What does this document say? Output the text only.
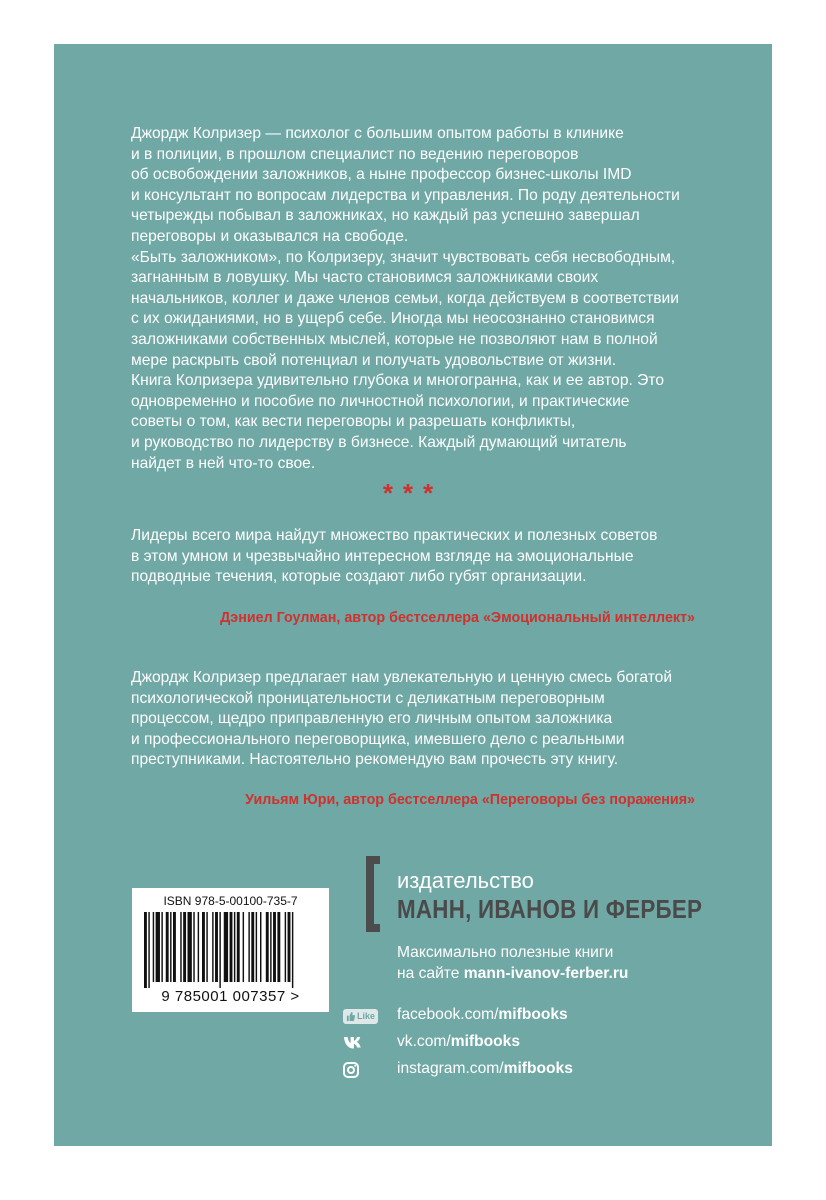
Джордж Колризер — психолог с большим опытом работы в клинике

и в полиции, в прошлом специалист по ведению переговоров

об освобождении заложников, а ныне профессор бизнес-школы IMD

и консультант по вопросам лидерства и управления. По роду деятельности

четырежды побывал в заложниках, но каждый раз успешно завершал

переговоры и оказывался на свободе.

«Быть заложником», по Колризеру, значит чувствовать себя несвободным,

загнанным в ловушку. Мы часто становимся заложниками своих

начальников, коллег и даже членов семьи, когда действуем в соответствии

с их ожиданиями, но в ущерб себе. Иногда мы неосознанно становимся

заложниками собственных мыслей, которые не позволяют нам в полной

мере раскрыть свой потенциал и получать удовольствие от жизни.

Книга Колризера удивительно глубока и многогранна, как и ее автор. Это

одновременно и пособие по личностной психологии, и практические

советы о том, как вести переговоры и разрешать конфликты,

и руководство по лидерству в бизнесе. Каждый думающий читатель

найдет в ней что-то свое.

***

Лидеры всего мира найдут множество практических и полезных советов

в этом умном и чрезвычайно интересном взгляде на эмоциональные

подводные течения, которые создают либо губят организации.

Дэниел Гоулман, автор бестселлера «Эмоциональный интеллект»

Джордж Колризер предлагает нам увлекательную и ценную смесь богатой

психологической проницательности с деликатным переговорным

процессом, щедро приправленную его личным опытом заложника

и профессионального переговорщика, имевшего дело с реальными

преступниками. Настоятельно рекомендую вам прочесть эту книгу.

Уильям Юри, автор бестселлера «Переговоры без поражения»
ISBN 978-5-00100-735-7
9 785001 007357 >
издательство
МАНН, ИВАНОВ И ФЕРБЕР
Максимально полезные книги
на сайте mann-ivanov-ferber.ru
Like facebook.com/mifbooks
vk.com/mifbooks
instagram.com/mifbooks
